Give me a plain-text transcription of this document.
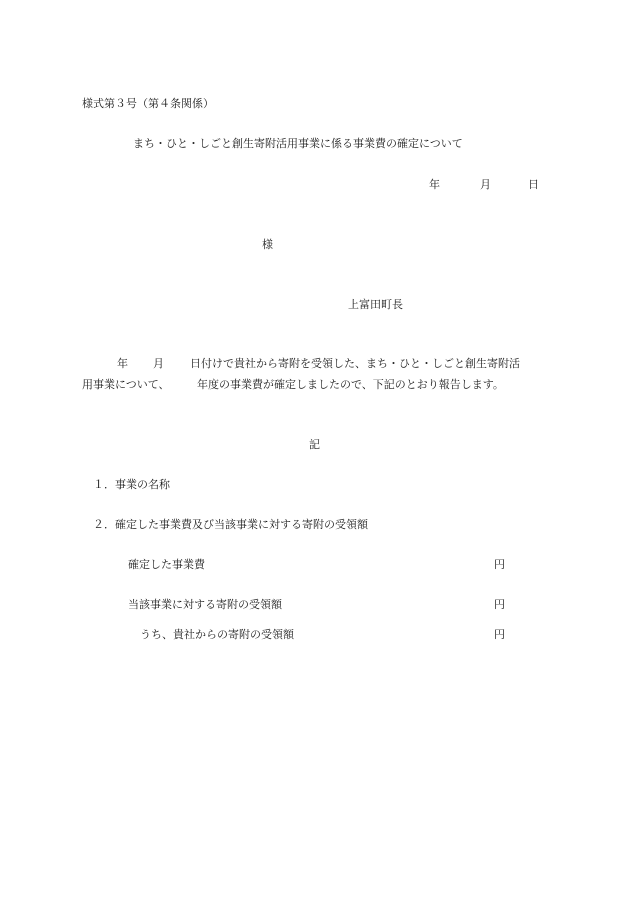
様式第３号（第４条関係）
まち・ひと・しごと創生寄附活用事業に係る事業費の確定について
年	月	日
様
上富田町長
年 月 日付けで貴社から寄附を受領した、まち・ひと・しごと創生寄附活
用事業について、 年度の事業費が確定しましたので、下記のとおり報告します。
記
１．事業の名称
２．確定した事業費及び当該事業に対する寄附の受領額
確定した事業費	円
当該事業に対する寄附の受領額	円
うち、貴社からの寄附の受領額	円
